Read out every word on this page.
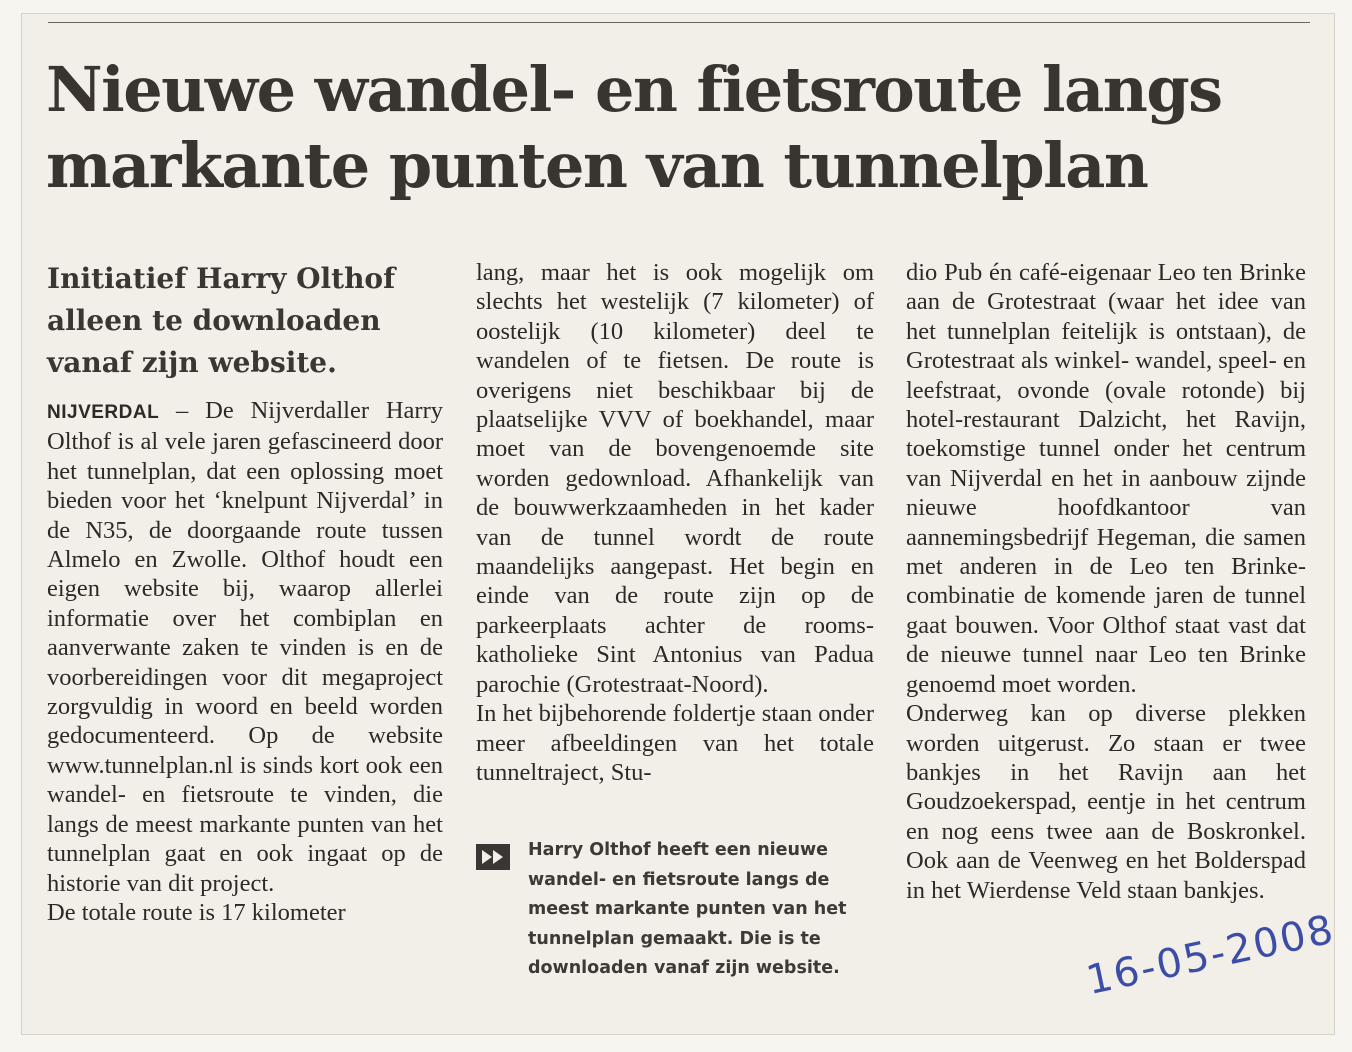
Nieuwe wandel- en fietsroute langs
markante punten van tunnelplan
Initiatief Harry Olthof alleen te downloaden vanaf zijn website.

NIJVERDAL – De Nijverdaller Harry Olthof is al vele jaren gefascineerd door het tunnelplan, dat een oplossing moet bieden voor het ‘knelpunt Nijverdal’ in de N35, de doorgaande route tussen Almelo en Zwolle. Olthof houdt een eigen website bij, waarop allerlei informatie over het combiplan en aanverwante zaken te vinden is en de voorbereidingen voor dit megaproject zorgvuldig in woord en beeld worden gedocumenteerd. Op de website www.tunnelplan.nl is sinds kort ook een wandel- en fietsroute te vinden, die langs de meest markante punten van het tunnelplan gaat en ook ingaat op de historie van dit project.

De totale route is 17 kilometer

lang, maar het is ook mogelijk om slechts het westelijk (7 kilometer) of oostelijk (10 kilometer) deel te wandelen of te fietsen. De route is overigens niet beschikbaar bij de plaatselijke VVV of boekhandel, maar moet van de bovengenoemde site worden gedownload. Afhankelijk van de bouwwerkzaamheden in het kader van de tunnel wordt de route maandelijks aangepast. Het begin en einde van de route zijn op de parkeerplaats achter de rooms-katholieke Sint Antonius van Padua parochie (Grotestraat-Noord).

In het bijbehorende foldertje staan onder meer afbeeldingen van het totale tunneltraject, Stu-

Harry Olthof heeft een nieuwe
wandel- en fietsroute langs de
meest markante punten van het
tunnelplan gemaakt. Die is te
downloaden vanaf zijn website.

dio Pub én café-eigenaar Leo ten Brinke aan de Grotestraat (waar het idee van het tunnelplan feitelijk is ontstaan), de Grotestraat als winkel- wandel, speel- en leefstraat, ovonde (ovale rotonde) bij hotel-restaurant Dalzicht, het Ravijn, toekomstige tunnel onder het centrum van Nijverdal en het in aanbouw zijnde nieuwe hoofdkantoor van aannemingsbedrijf Hegeman, die samen met anderen in de Leo ten Brinke-combinatie de komende jaren de tunnel gaat bouwen. Voor Olthof staat vast dat de nieuwe tunnel naar Leo ten Brinke genoemd moet worden.

Onderweg kan op diverse plekken worden uitgerust. Zo staan er twee bankjes in het Ravijn aan het Goudzoekerspad, eentje in het centrum en nog eens twee aan de Boskronkel. Ook aan de Veenweg en het Bolderspad in het Wierdense Veld staan bankjes.

16-05-2008
